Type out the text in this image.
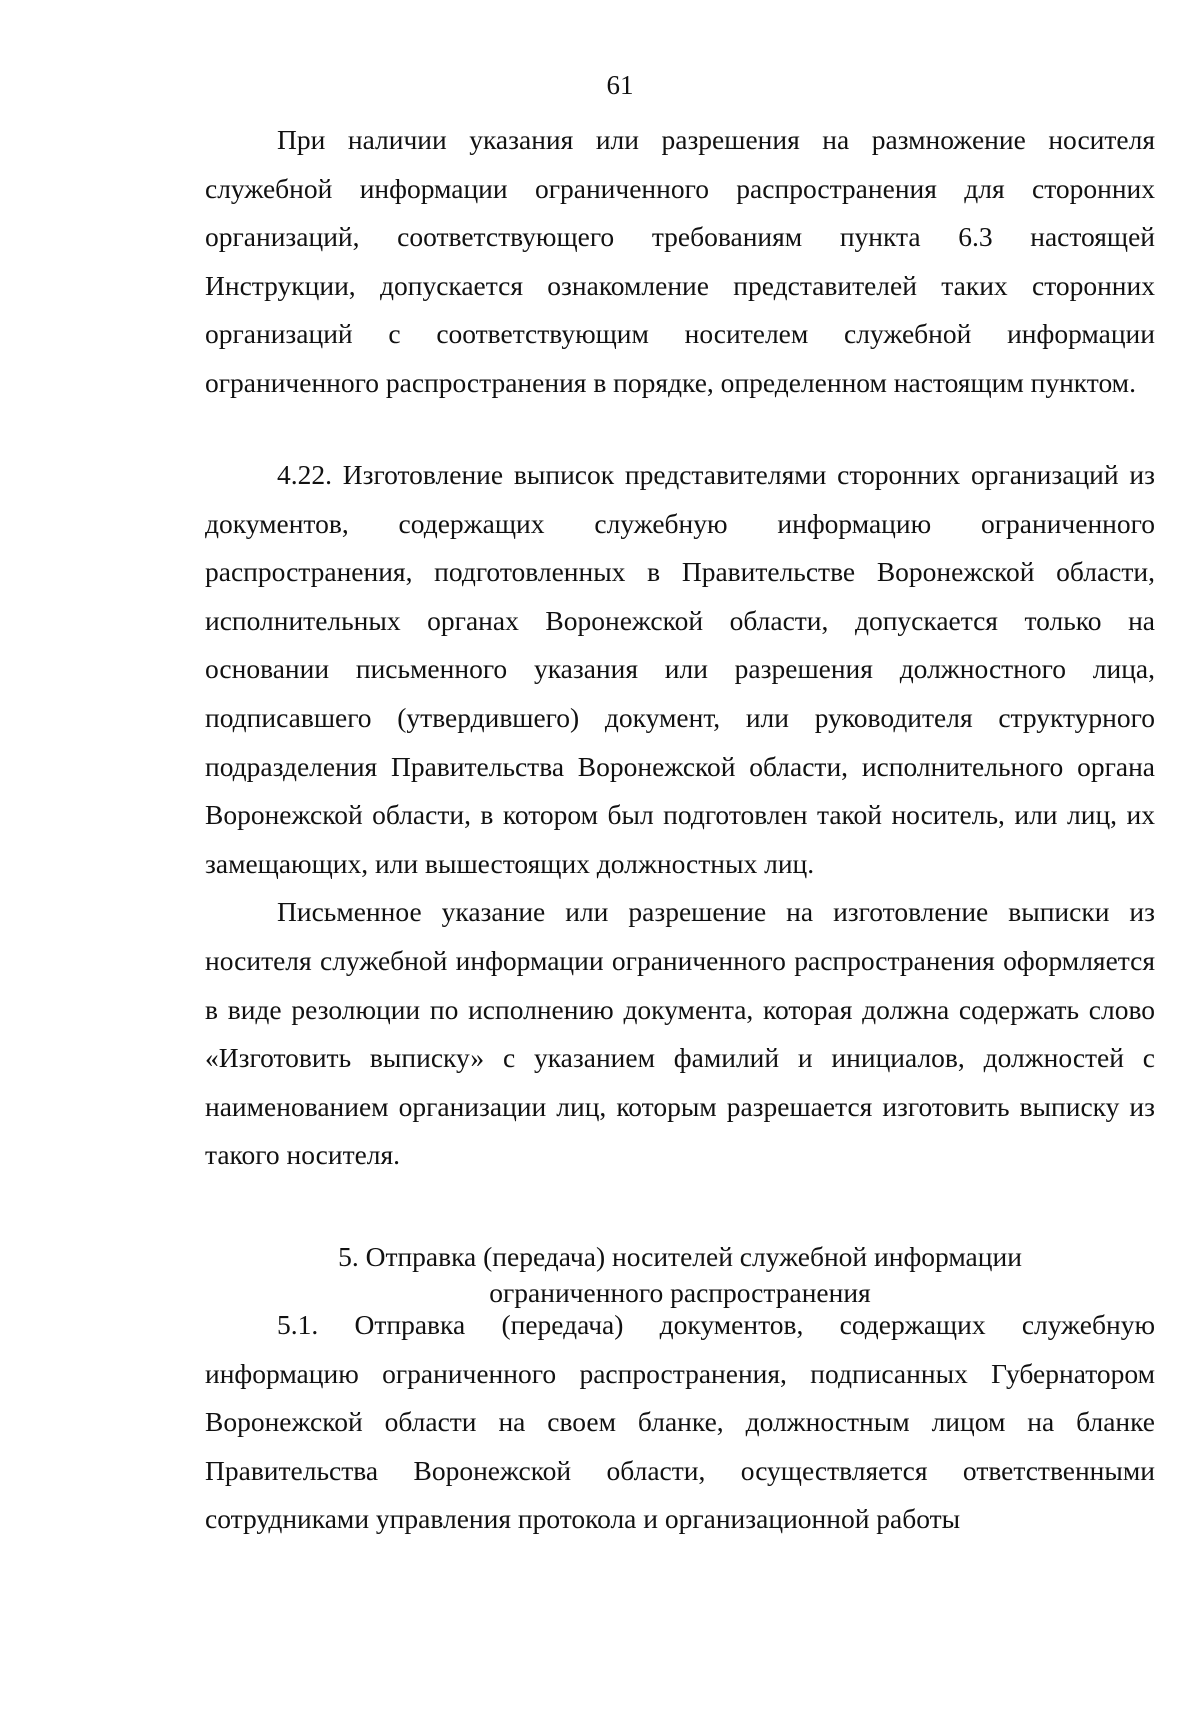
61

При наличии указания или разрешения на размножение носителя служебной информации ограниченного распространения для сторонних организаций, соответствующего требованиям пункта 6.3 настоящей Инструкции, допускается ознакомление представителей таких сторонних организаций с соответствующим носителем служебной информации ограниченного распространения в порядке, определенном настоящим пунктом.

4.22. Изготовление выписок представителями сторонних организаций из документов, содержащих служебную информацию ограниченного распространения, подготовленных в Правительстве Воронежской области, исполнительных органах Воронежской области, допускается только на основании письменного указания или разрешения должностного лица, подписавшего (утвердившего) документ, или руководителя структурного подразделения Правительства Воронежской области, исполнительного органа Воронежской области, в котором был подготовлен такой носитель, или лиц, их замещающих, или вышестоящих должностных лиц.

Письменное указание или разрешение на изготовление выписки из носителя служебной информации ограниченного распространения оформляется в виде резолюции по исполнению документа, которая должна содержать слово «Изготовить выписку» с указанием фамилий и инициалов, должностей с наименованием организации лиц, которым разрешается изготовить выписку из такого носителя.

5. Отправка (передача) носителей служебной информации
ограниченного распространения

5.1. Отправка (передача) документов, содержащих служебную информацию ограниченного распространения, подписанных Губернатором Воронежской области на своем бланке, должностным лицом на бланке Правительства Воронежской области, осуществляется ответственными сотрудниками управления протокола и организационной работы
